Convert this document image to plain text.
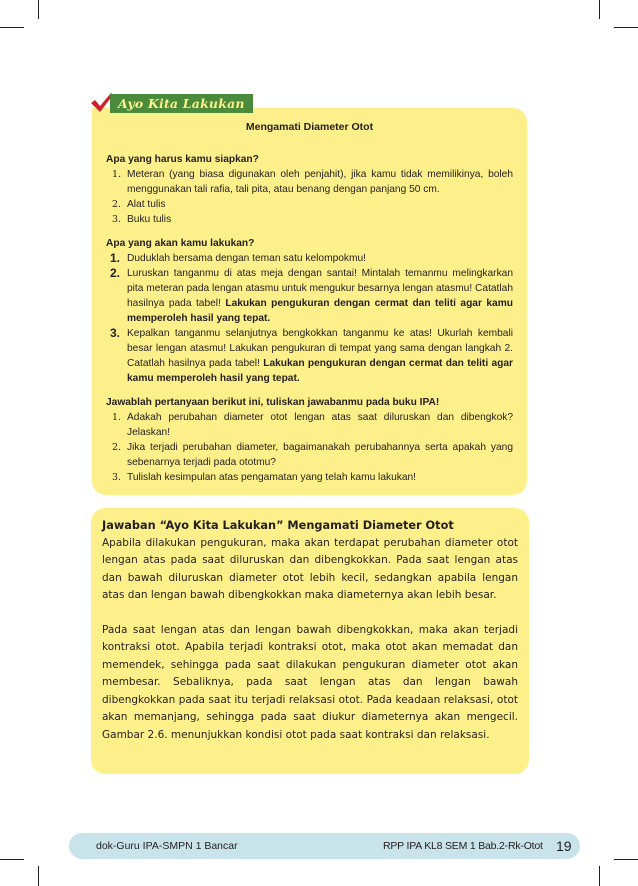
Mengamati Diameter Otot

Apa yang harus kamu siapkan?

1. Meteran (yang biasa digunakan oleh penjahit), jika kamu tidak memilikinya, boleh menggunakan tali rafia, tali pita, atau benang dengan panjang 50 cm.
2. Alat tulis
3. Buku tulis

Apa yang akan kamu lakukan?

1. Duduklah bersama dengan teman satu kelompokmu!
2. Luruskan tanganmu di atas meja dengan santai! Mintalah temanmu melingkarkan pita meteran pada lengan atasmu untuk mengukur besarnya lengan atasmu! Catatlah hasilnya pada tabel! Lakukan pengukuran dengan cermat dan teliti agar kamu memperoleh hasil yang tepat.
3. Kepalkan tanganmu selanjutnya bengkokkan tanganmu ke atas! Ukurlah kembali besar lengan atasmu! Lakukan pengukuran di tempat yang sama dengan langkah 2. Catatlah hasilnya pada tabel! Lakukan pengukuran dengan cermat dan teliti agar kamu memperoleh hasil yang tepat.

Jawablah pertanyaan berikut ini, tuliskan jawabanmu pada buku IPA!

1. Adakah perubahan diameter otot lengan atas saat diluruskan dan dibengkok? Jelaskan!
2. Jika terjadi perubahan diameter, bagaimanakah perubahannya serta apakah yang sebenarnya terjadi pada ototmu?
3. Tulislah kesimpulan atas pengamatan yang telah kamu lakukan!
Ayo Kita Lakukan

Jawaban “Ayo Kita Lakukan” Mengamati Diameter Otot

Apabila dilakukan pengukuran, maka akan terdapat perubahan diameter otot lengan atas pada saat diluruskan dan dibengkokkan. Pada saat lengan atas dan bawah diluruskan diameter otot lebih kecil, sedangkan apabila lengan atas dan lengan bawah dibengkokkan maka diameternya akan lebih besar.

Pada saat lengan atas dan lengan bawah dibengkokkan, maka akan terjadi kontraksi otot. Apabila terjadi kontraksi otot, maka otot akan memadat dan memendek, sehingga pada saat dilakukan pengukuran diameter otot akan membesar. Sebaliknya, pada saat lengan atas dan lengan bawah dibengkokkan pada saat itu terjadi relaksasi otot. Pada keadaan relaksasi, otot akan memanjang, sehingga pada saat diukur diameternya akan mengecil. Gambar 2.6. menunjukkan kondisi otot pada saat kontraksi dan relaksasi.

dok-Guru IPA-SMPN 1 Bancar	RPP IPA KL8 SEM 1 Bab.2-Rk-Otot 19
